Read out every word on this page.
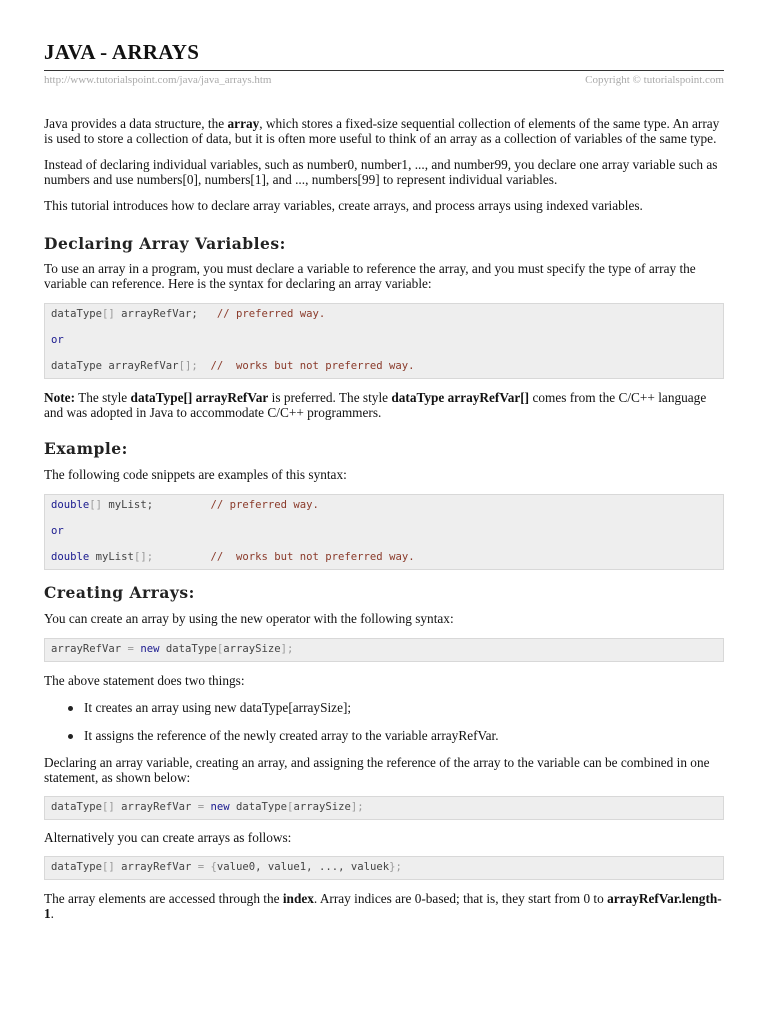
JAVA - ARRAYS
http://www.tutorialspoint.com/java/java_arrays.htm	Copyright © tutorialspoint.com

Java provides a data structure, the array, which stores a fixed-size sequential collection of elements of the same type. An array is used to store a collection of data, but it is often more useful to think of an array as a collection of variables of the same type.

Instead of declaring individual variables, such as number0, number1, ..., and number99, you declare one array variable such as numbers and use numbers[0], numbers[1], and ..., numbers[99] to represent individual variables.

This tutorial introduces how to declare array variables, create arrays, and process arrays using indexed variables.

Declaring Array Variables:

To use an array in a program, you must declare a variable to reference the array, and you must specify the type of array the variable can reference. Here is the syntax for declaring an array variable:

dataType[] arrayRefVar;   // preferred way.
or
dataType arrayRefVar[]; //  works but not preferred way.

Note: The style dataType[] arrayRefVar is preferred. The style dataType arrayRefVar[] comes from the C/C++ language and was adopted in Java to accommodate C/C++ programmers.

Example:

The following code snippets are examples of this syntax:

double[] myList;         // preferred way.
or
double myList[];	//  works but not preferred way.
Creating Arrays:

You can create an array by using the new operator with the following syntax:

arrayRefVar = new dataType[arraySize];

The above statement does two things:

It creates an array using new dataType[arraySize];
It assigns the reference of the newly created array to the variable arrayRefVar.

Declaring an array variable, creating an array, and assigning the reference of the array to the variable can be combined in one statement, as shown below:

dataType[] arrayRefVar = new dataType[arraySize];

Alternatively you can create arrays as follows:

dataType[] arrayRefVar = {value0, value1, ..., valuek};

The array elements are accessed through the index. Array indices are 0-based; that is, they start from 0 to arrayRefVar.length-1.
